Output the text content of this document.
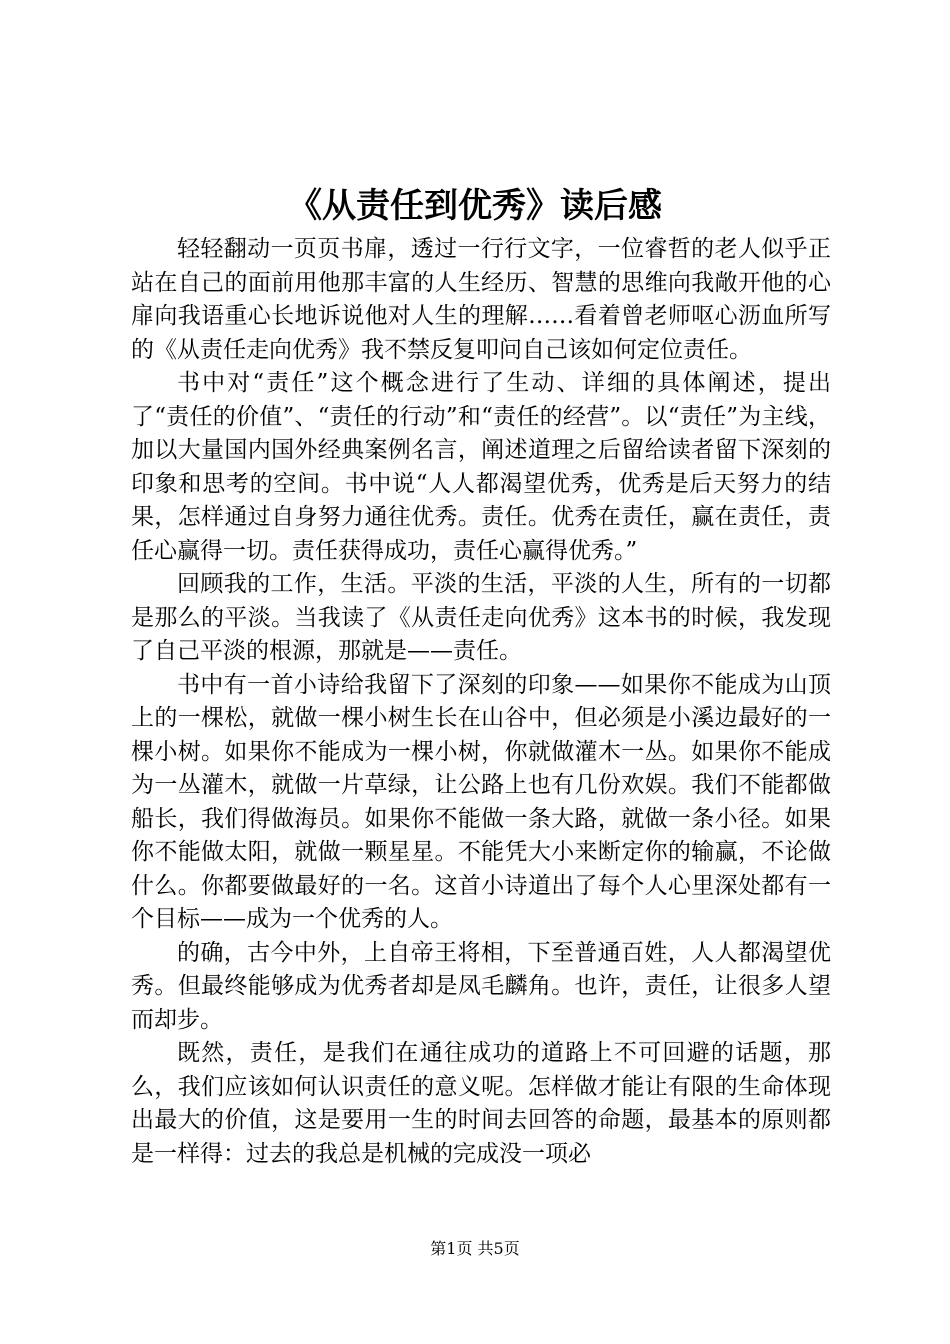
《从责任到优秀》读后感

轻轻翻动一页页书扉，透过一行行文字，一位睿哲的老人似乎正站在自己的面前用他那丰富的人生经历、智慧的思维向我敞开他的心扉向我语重心长地诉说他对人生的理解……看着曾老师呕心沥血所写的《从责任走向优秀》我不禁反复叩问自己该如何定位责任。

书中对“责任”这个概念进行了生动、详细的具体阐述，提出了“责任的价值”、“责任的行动”和“责任的经营”。以“责任”为主线，加以大量国内国外经典案例名言，阐述道理之后留给读者留下深刻的印象和思考的空间。书中说“人人都渴望优秀，优秀是后天努力的结果，怎样通过自身努力通往优秀。责任。优秀在责任，赢在责任，责任心赢得一切。责任获得成功，责任心赢得优秀。”

回顾我的工作，生活。平淡的生活，平淡的人生，所有的一切都是那么的平淡。当我读了《从责任走向优秀》这本书的时候，我发现了自己平淡的根源，那就是——责任。

书中有一首小诗给我留下了深刻的印象——如果你不能成为山顶上的一棵松，就做一棵小树生长在山谷中，但必须是小溪边最好的一棵小树。如果你不能成为一棵小树，你就做灌木一丛。如果你不能成为一丛灌木，就做一片草绿，让公路上也有几份欢娱。我们不能都做船长，我们得做海员。如果你不能做一条大路，就做一条小径。如果你不能做太阳，就做一颗星星。不能凭大小来断定你的输赢，不论做什么。你都要做最好的一名。这首小诗道出了每个人心里深处都有一个目标——成为一个优秀的人。

的确，古今中外，上自帝王将相，下至普通百姓，人人都渴望优秀。但最终能够成为优秀者却是凤毛麟角。也许，责任，让很多人望而却步。

既然，责任，是我们在通往成功的道路上不可回避的话题，那么，我们应该如何认识责任的意义呢。怎样做才能让有限的生命体现出最大的价值，这是要用一生的时间去回答的命题，最基本的原则都是一样得：过去的我总是机械的完成没一项必

第1页 共5页
